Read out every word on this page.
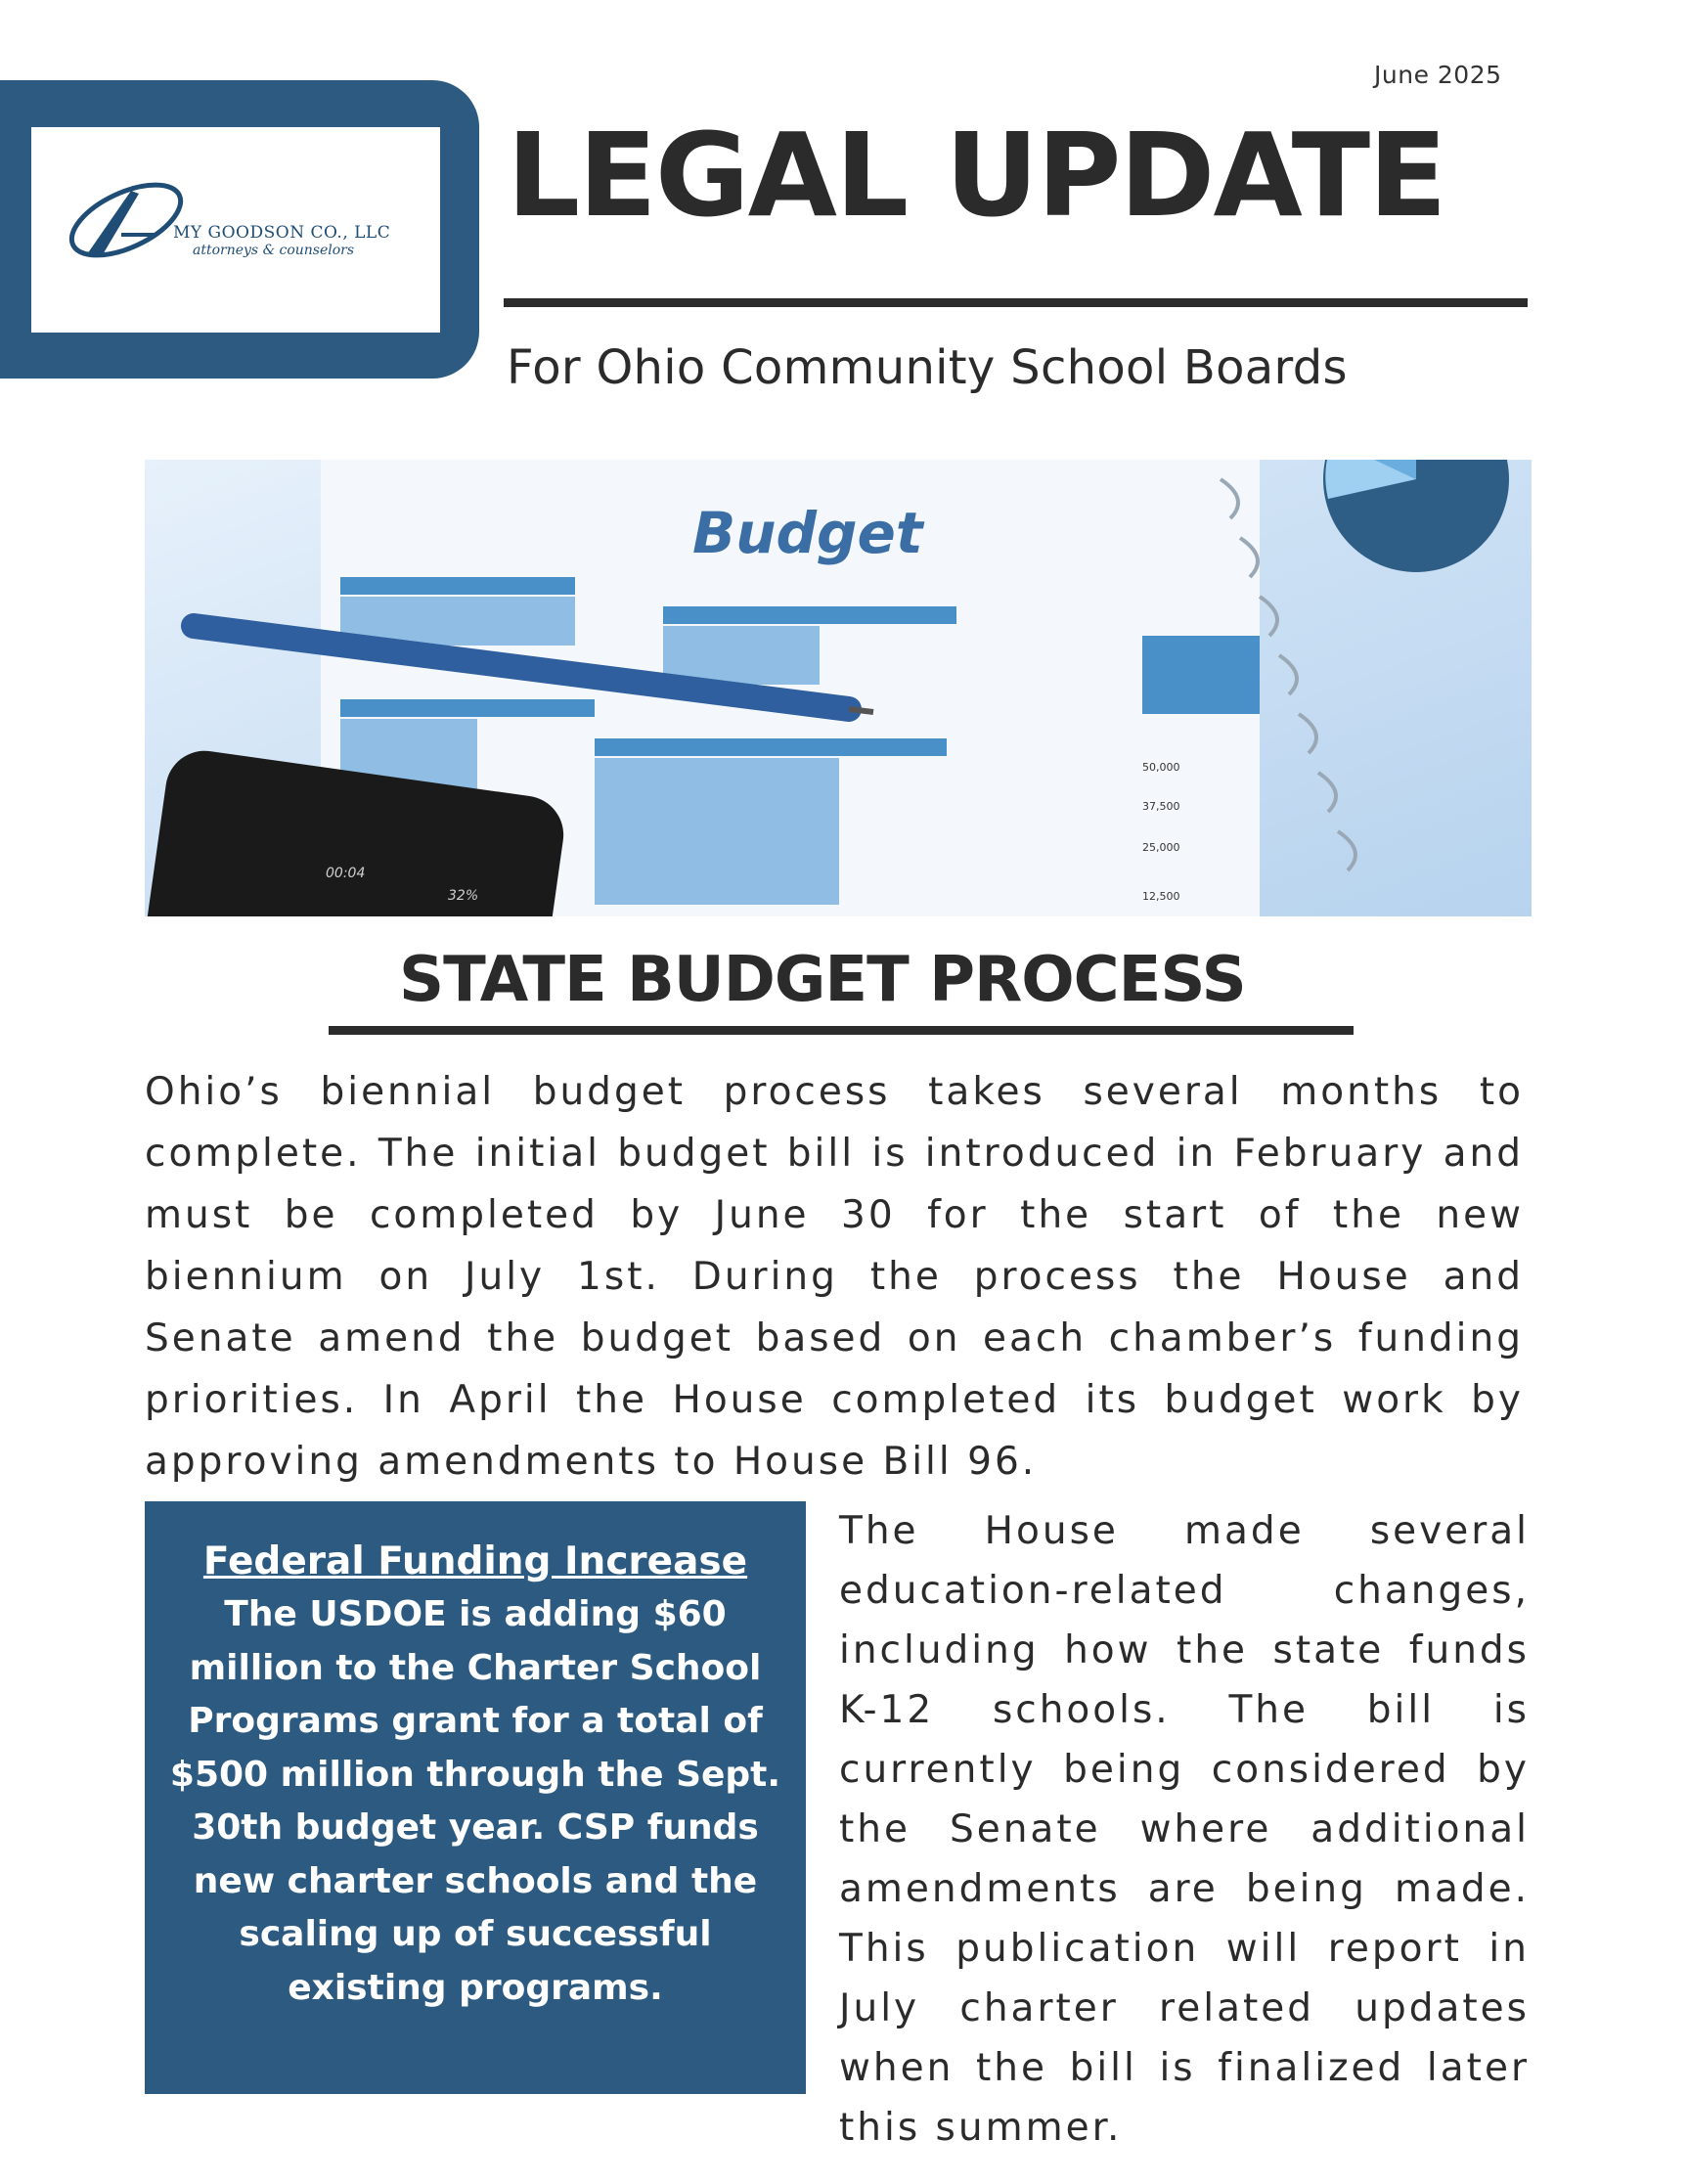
June 2025
MY GOODSON CO., LLC
attorneys & counselors
LEGAL UPDATE
For Ohio Community School Boards
Budget
50,000
37,500
25,000
12,500
00:04
32%
STATE BUDGET PROCESS

Ohio’s biennial budget process takes several months to complete. The initial budget bill is introduced in February and must be completed by June 30 for the start of the new biennium on July 1st. During the process the House and Senate amend the budget based on each chamber’s funding priorities. In April the House completed its budget work by approving amendments to House Bill 96.

Federal Funding Increase
The USDOE is adding $60 million to the Charter School Programs grant for a total of $500 million through the Sept. 30th budget year. CSP funds new charter schools and the scaling up of successful existing programs.

The House made several education-related changes, including how the state funds K-12 schools. The bill is currently being considered by the Senate where additional amendments are being made. This publication will report in July charter related updates when the bill is finalized later this summer.
